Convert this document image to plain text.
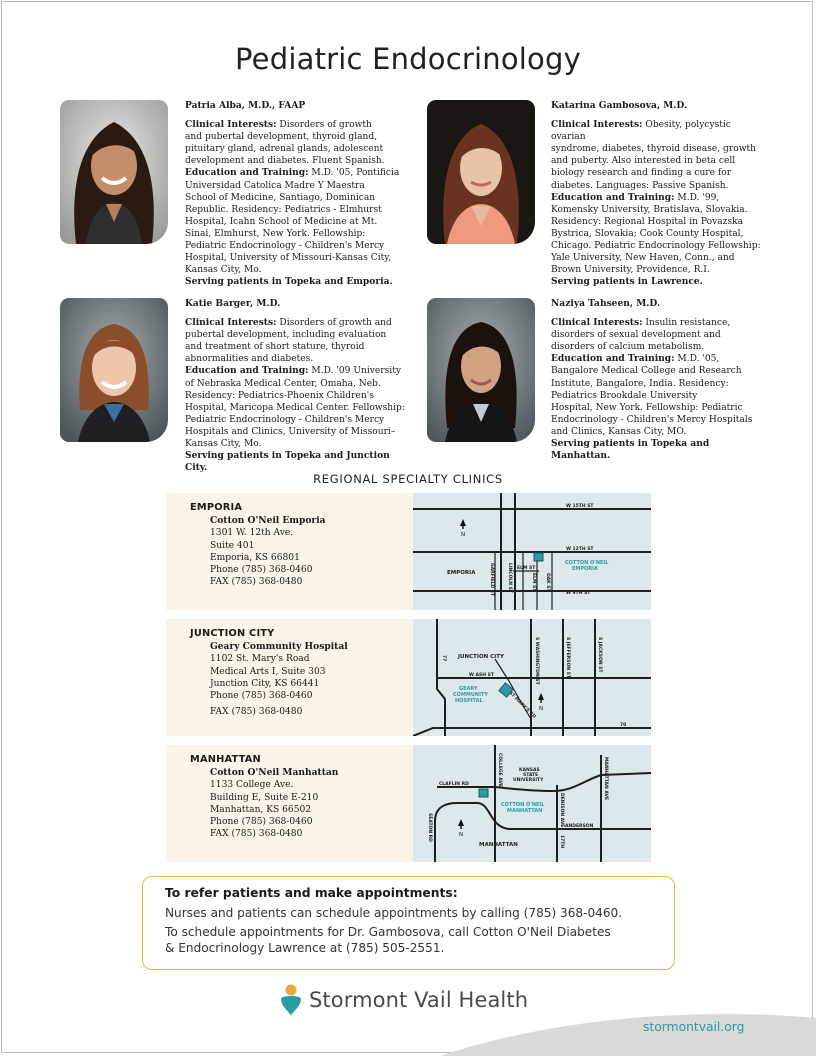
Pediatric Endocrinology
Patria Alba, M.D., FAAP
Clinical Interests: Disorders of growth
and pubertal development, thyroid gland,
pituitary gland, adrenal glands, adolescent
development and diabetes. Fluent Spanish.
Education and Training: M.D. '05, Pontificia
Universidad Catolica Madre Y Maestra
School of Medicine, Santiago, Dominican
Republic. Residency: Pediatrics - Elmhurst
Hospital, Icahn School of Medicine at Mt.
Sinai, Elmhurst, New York. Fellowship:
Pediatric Endocrinology - Children's Mercy
Hospital, University of Missouri-Kansas City,
Kansas City, Mo.
Serving patients in Topeka and Emporia.
Katarina Gambosova, M.D.
Clinical Interests: Obesity, polycystic ovarian
syndrome, diabetes, thyroid disease, growth
and puberty. Also interested in beta cell
biology research and finding a cure for
diabetes. Languages: Passive Spanish.
Education and Training: M.D. '99,
Komensky University, Bratislava, Slovakia.
Residency: Regional Hospital in Povazska
Bystrica, Slovakia; Cook County Hospital,
Chicago. Pediatric Endocrinology Fellowship:
Yale University, New Haven, Conn., and
Brown University, Providence, R.I.
Serving patients in Lawrence.
Katie Barger, M.D.
Clinical Interests: Disorders of growth and
pubertal development, including evaluation
and treatment of short stature, thyroid
abnormalities and diabetes.
Education and Training: M.D. '09 University
of Nebraska Medical Center, Omaha, Neb.
Residency: Pediatrics-Phoenix Children's
Hospital, Maricopa Medical Center. Fellowship:
Pediatric Endocrinology - Children's Mercy
Hospitals and Clinics, University of Missouri–
Kansas City, Mo.
Serving patients in Topeka and Junction City.
Naziya Tahseen, M.D.
Clinical Interests: Insulin resistance,
disorders of sexual development and
disorders of calcium metabolism.
Education and Training: M.D. '05,
Bangalore Medical College and Research
Institute, Bangalore, India. Residency:
Pediatrics Brookdale University
Hospital, New York. Fellowship: Pediatric
Endocrinology - Children's Mercy Hospitals
and Clinics, Kansas City, MO.
Serving patients in Topeka and Manhattan.
REGIONAL SPECIALTY CLINICS
EMPORIA
Cotton O'Neil Emporia
1301 W. 12th Ave.
Suite 401
Emporia, KS 66801
Phone (785) 368-0460
FAX (785) 368-0480
W 15TH ST
W 12TH ST
W 9TH ST
GARFIELD ST	LINCOLN ST ELM ST
ELM ST OAK ST
EMPORIA
COTTON O'NEIL
EMPORIA
N
JUNCTION CITY
Geary Community Hospital
1102 St. Mary's Road
Medical Arts I, Suite 303
Junction City, KS 66441
Phone (785) 368-0460
FAX (785) 368-0480
77
W ASH ST	S WASHINGTON ST	S JEFFERSON ST	S JACKSON ST
ST MARY'S RD
70
JUNCTION CITY
GEARY
COMMUNITY
HOSPITAL
N
MANHATTAN
Cotton O'Neil Manhattan
1133 College Ave.
Building E, Suite E-210
Manhattan, KS 66502
Phone (785) 368-0460
FAX (785) 368-0480
CLAFLIN RD	COLLEGE AVE
DENISON AVE
MANHATTAN AVE
ANDERSON
17TH
SEATON RD
MANHATTAN
KANSAS
STATE
UNIVERSITY
COTTON O'NEIL
MANHATTAN
N
To refer patients and make appointments:

Nurses and patients can schedule appointments by calling (785) 368-0460.

To schedule appointments for Dr. Gambosova, call Cotton O'Neil Diabetes

& Endocrinology Lawrence at (785) 505-2551.

Stormont Vail Health
stormontvail.org
